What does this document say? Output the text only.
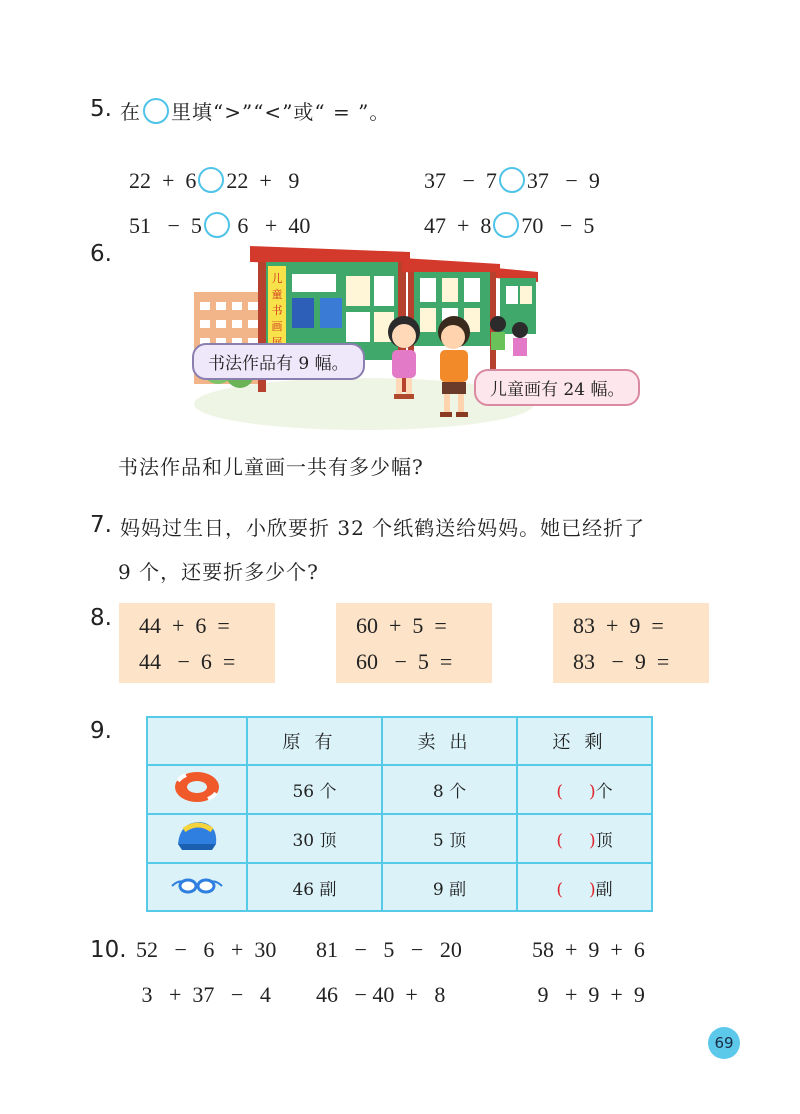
5. 在 里填“>”“<”或“ = ”。

22  +  6 22  +   9	37   −  7 37   −  9

51   −  5 6   +  40	47  +  8 70   −  5

6.
儿
童
书
画
书法作品有 9 幅。
儿童画有 24 幅。
书法作品和儿童画一共有多少幅?
7. 妈妈过生日，小欣要折 32 个纸鹤送给妈妈。她已经折了
9 个，还要折多少个?
8. 44  +  6  =
44   −  6  =
60  +  5  =
60   −  5  =
83  +  9  =
83   −  9  =
9.
		原有	卖出	还剩
	56 个	8 个	( )个
	30 顶	5 顶	( )顶
	46 副	9 副	( )副
10. 52   −   6   +  30 81   −   5   −   20	58  +  9  +  6
3   +  37   −   4 46   − 40  +   8	9   +  9  +  9
69
